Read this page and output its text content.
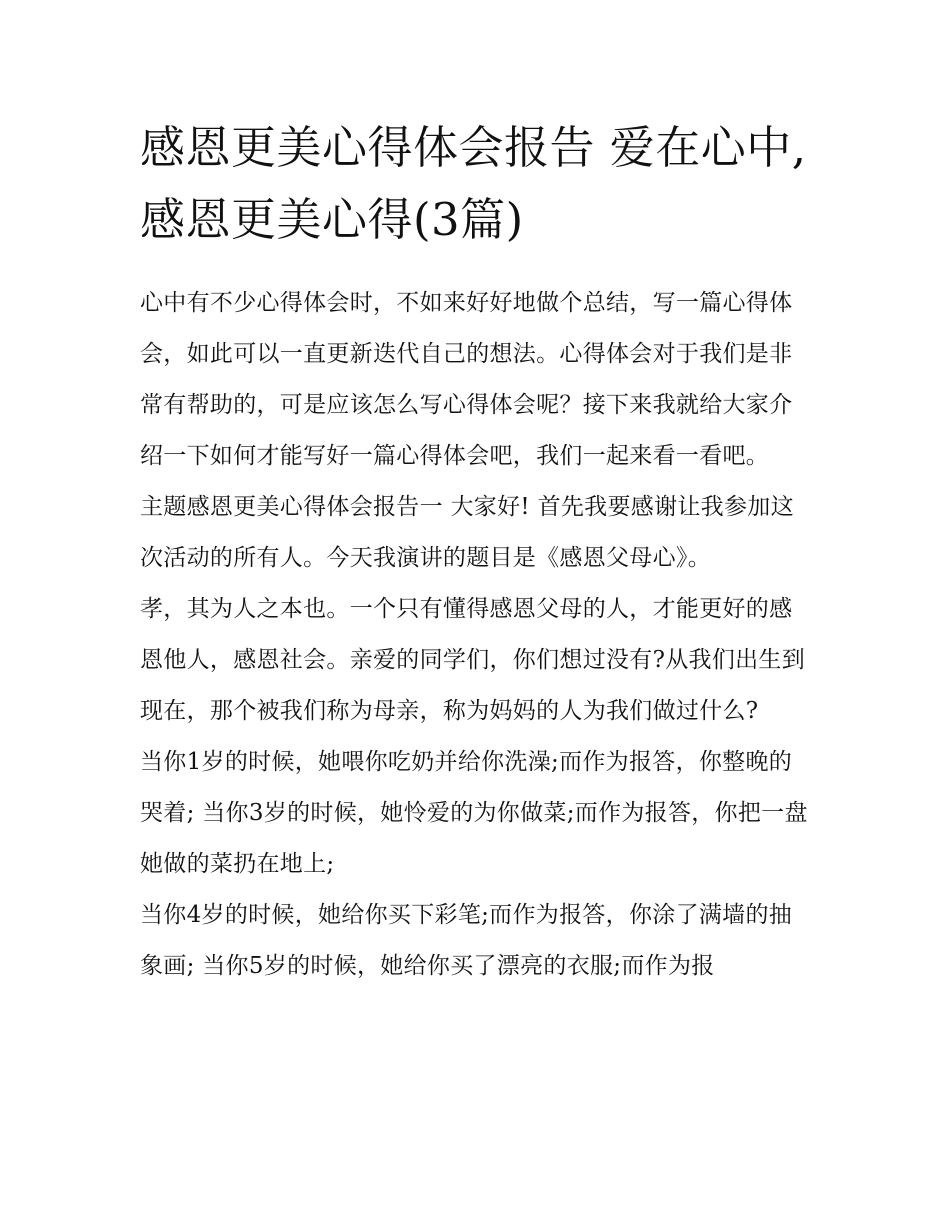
感恩更美心得体会报告 爱在心中,感恩更美心得(3篇)

心中有不少心得体会时，不如来好好地做个总结，写一篇心得体会，如此可以一直更新迭代自己的想法。心得体会对于我们是非常有帮助的，可是应该怎么写心得体会呢？接下来我就给大家介绍一下如何才能写好一篇心得体会吧，我们一起来看一看吧。

主题感恩更美心得体会报告一 大家好! 首先我要感谢让我参加这次活动的所有人。今天我演讲的题目是《感恩父母心》。

孝，其为人之本也。一个只有懂得感恩父母的人，才能更好的感恩他人，感恩社会。亲爱的同学们，你们想过没有?从我们出生到现在，那个被我们称为母亲，称为妈妈的人为我们做过什么?

当你1岁的时候，她喂你吃奶并给你洗澡;而作为报答，你整晚的哭着; 当你3岁的时候，她怜爱的为你做菜;而作为报答，你把一盘她做的菜扔在地上;

当你4岁的时候，她给你买下彩笔;而作为报答，你涂了满墙的抽象画; 当你5岁的时候，她给你买了漂亮的衣服;而作为报
